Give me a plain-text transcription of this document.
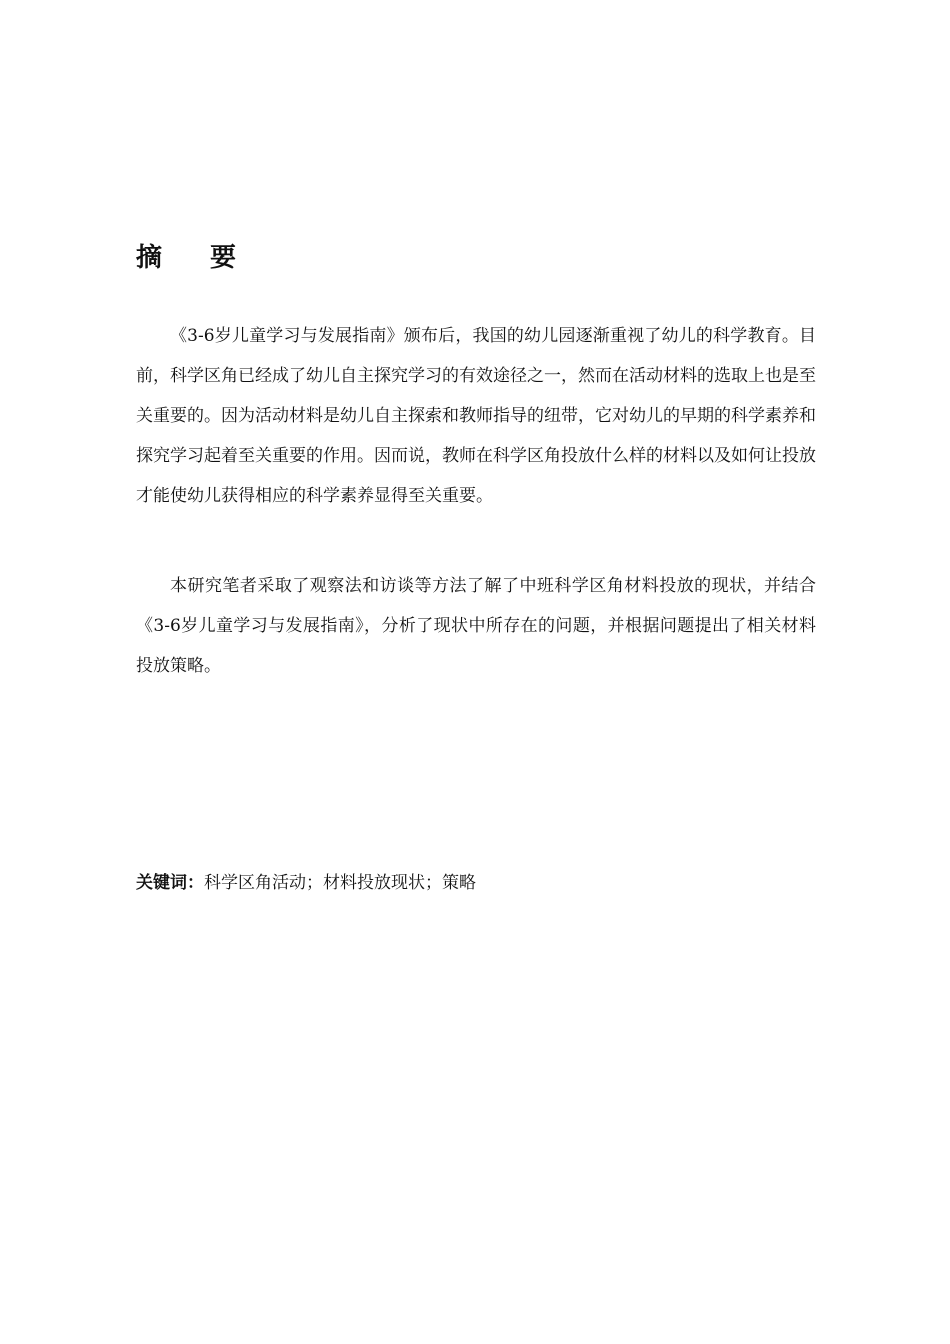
摘 要

《3-6岁儿童学习与发展指南》颁布后，我国的幼儿园逐渐重视了幼儿的科学教育。目前，科学区角已经成了幼儿自主探究学习的有效途径之一，然而在活动材料的选取上也是至关重要的。因为活动材料是幼儿自主探索和教师指导的纽带，它对幼儿的早期的科学素养和探究学习起着至关重要的作用。因而说，教师在科学区角投放什么样的材料以及如何让投放才能使幼儿获得相应的科学素养显得至关重要。

本研究笔者采取了观察法和访谈等方法了解了中班科学区角材料投放的现状，并结合《3-6岁儿童学习与发展指南》，分析了现状中所存在的问题，并根据问题提出了相关材料投放策略。

关键词：科学区角活动；材料投放现状；策略
